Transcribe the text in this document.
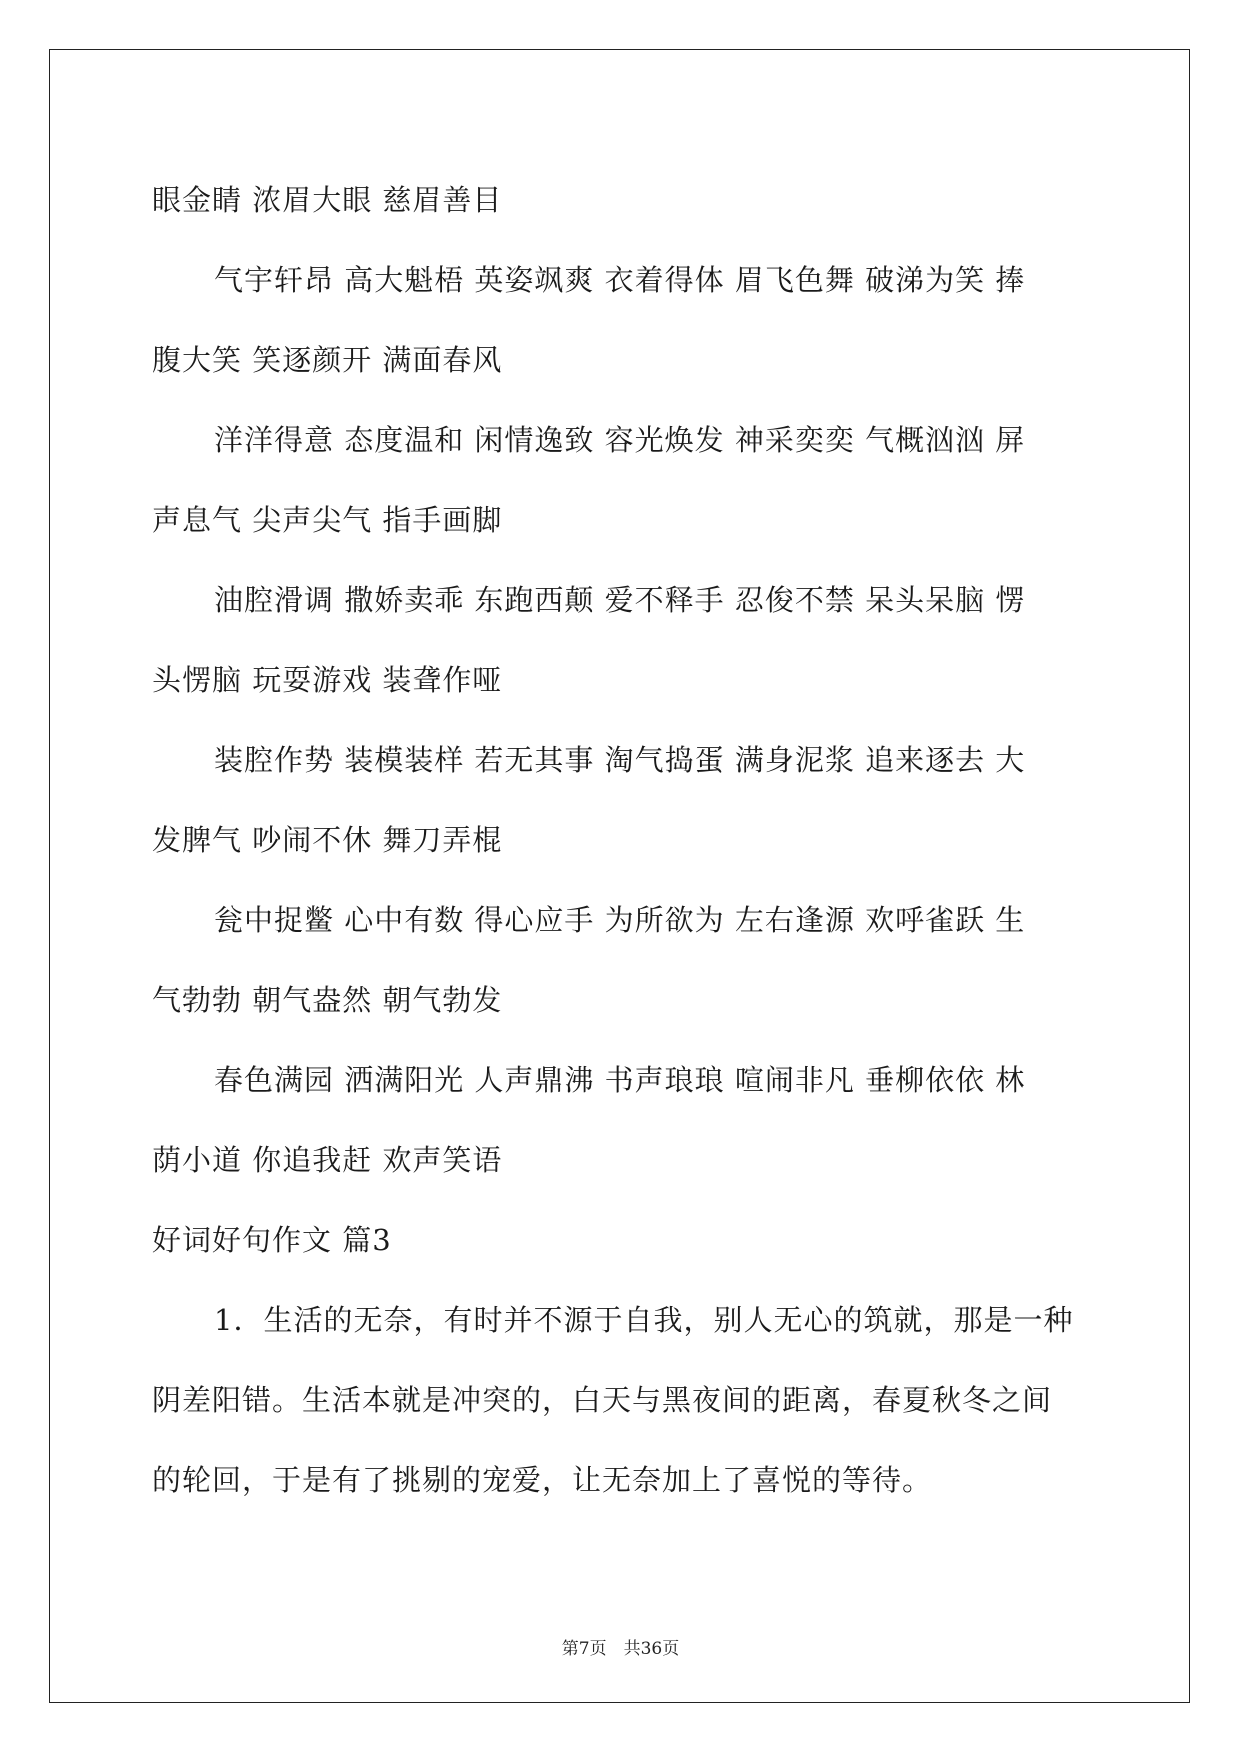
眼金睛 浓眉大眼 慈眉善目
气宇轩昂 高大魁梧 英姿飒爽 衣着得体 眉飞色舞 破涕为笑 捧
腹大笑 笑逐颜开 满面春风
洋洋得意 态度温和 闲情逸致 容光焕发 神采奕奕 气概汹汹 屏
声息气 尖声尖气 指手画脚
油腔滑调 撒娇卖乖 东跑西颠 爱不释手 忍俊不禁 呆头呆脑 愣
头愣脑 玩耍游戏 装聋作哑
装腔作势 装模装样 若无其事 淘气捣蛋 满身泥浆 追来逐去 大
发脾气 吵闹不休 舞刀弄棍
瓮中捉鳖 心中有数 得心应手 为所欲为 左右逢源 欢呼雀跃 生
气勃勃 朝气盎然 朝气勃发
春色满园 洒满阳光 人声鼎沸 书声琅琅 喧闹非凡 垂柳依依 林
荫小道 你追我赶 欢声笑语
好词好句作文 篇3
1．生活的无奈，有时并不源于自我，别人无心的筑就，那是一种
阴差阳错。生活本就是冲突的，白天与黑夜间的距离，春夏秋冬之间
的轮回，于是有了挑剔的宠爱，让无奈加上了喜悦的等待。
第7页　共36页
